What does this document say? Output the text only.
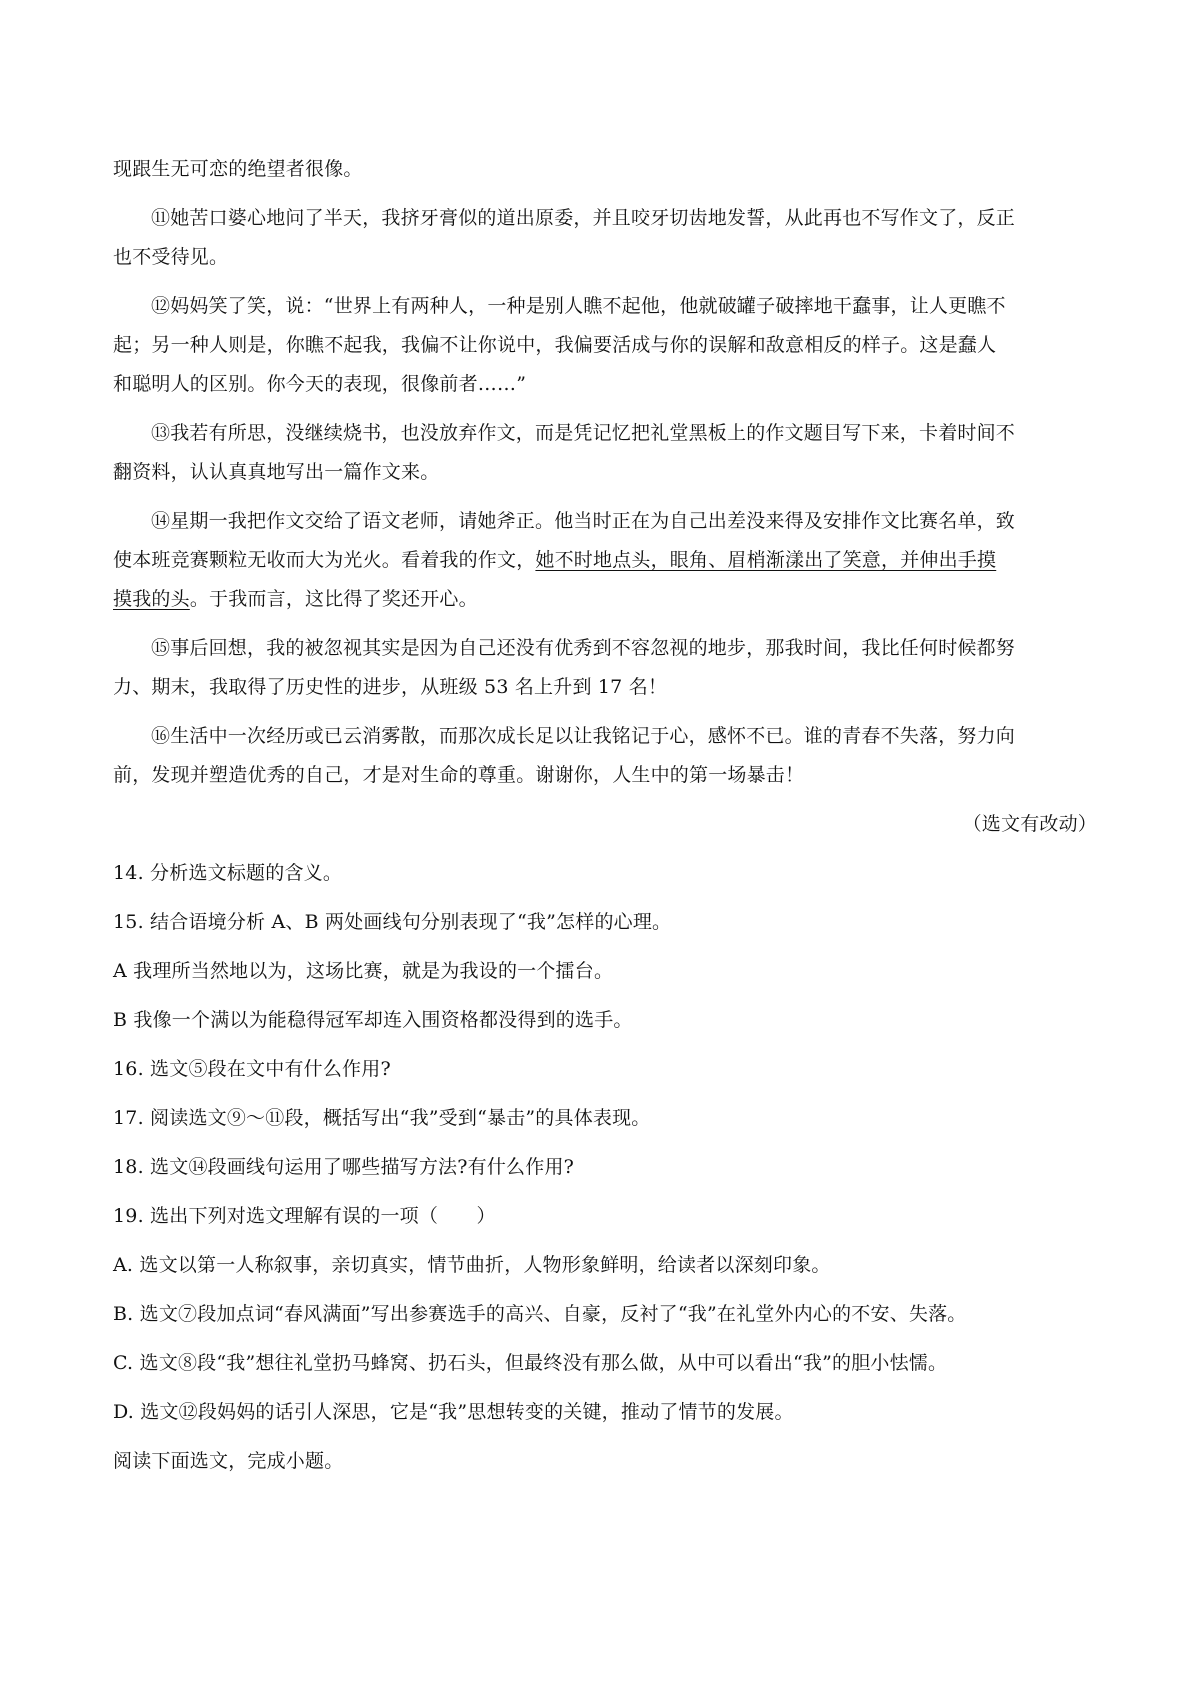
现跟生无可恋的绝望者很像。
⑪她苦口婆心地问了半天，我挤牙膏似的道出原委，并且咬牙切齿地发誓，从此再也不写作文了，反正
也不受待见。
⑫妈妈笑了笑，说：“世界上有两种人，一种是别人瞧不起他，他就破罐子破摔地干蠢事，让人更瞧不
起；另一种人则是，你瞧不起我，我偏不让你说中，我偏要活成与你的误解和敌意相反的样子。这是蠢人
和聪明人的区别。你今天的表现，很像前者……”
⑬我若有所思，没继续烧书，也没放弃作文，而是凭记忆把礼堂黑板上的作文题目写下来，卡着时间不
翻资料，认认真真地写出一篇作文来。
⑭星期一我把作文交给了语文老师，请她斧正。他当时正在为自己出差没来得及安排作文比赛名单，致
使本班竞赛颗粒无收而大为光火。看着我的作文，她不时地点头，眼角、眉梢渐漾出了笑意，并伸出手摸
摸我的头。于我而言，这比得了奖还开心。
⑮事后回想，我的被忽视其实是因为自己还没有优秀到不容忽视的地步，那我时间，我比任何时候都努
力、期末，我取得了历史性的进步，从班级 53 名上升到 17 名！
⑯生活中一次经历或已云消雾散，而那次成长足以让我铭记于心，感怀不已。谁的青春不失落，努力向
前，发现并塑造优秀的自己，才是对生命的尊重。谢谢你，人生中的第一场暴击！
（选文有改动）
14. 分析选文标题的含义。
15. 结合语境分析 A、B 两处画线句分别表现了“我”怎样的心理。
A 我理所当然地以为，这场比赛，就是为我设的一个擂台。
B 我像一个满以为能稳得冠军却连入围资格都没得到的选手。
16. 选文⑤段在文中有什么作用?
17. 阅读选文⑨～⑪段，概括写出“我”受到“暴击”的具体表现。
18. 选文⑭段画线句运用了哪些描写方法?有什么作用?
19. 选出下列对选文理解有误的一项（　　）
A. 选文以第一人称叙事，亲切真实，情节曲折，人物形象鲜明，给读者以深刻印象。
B. 选文⑦段加点词“春风满面”写出参赛选手的高兴、自豪，反衬了“我”在礼堂外内心的不安、失落。
C. 选文⑧段“我”想往礼堂扔马蜂窝、扔石头，但最终没有那么做，从中可以看出“我”的胆小怯懦。
D. 选文⑫段妈妈的话引人深思，它是“我”思想转变的关键，推动了情节的发展。
阅读下面选文，完成小题。
